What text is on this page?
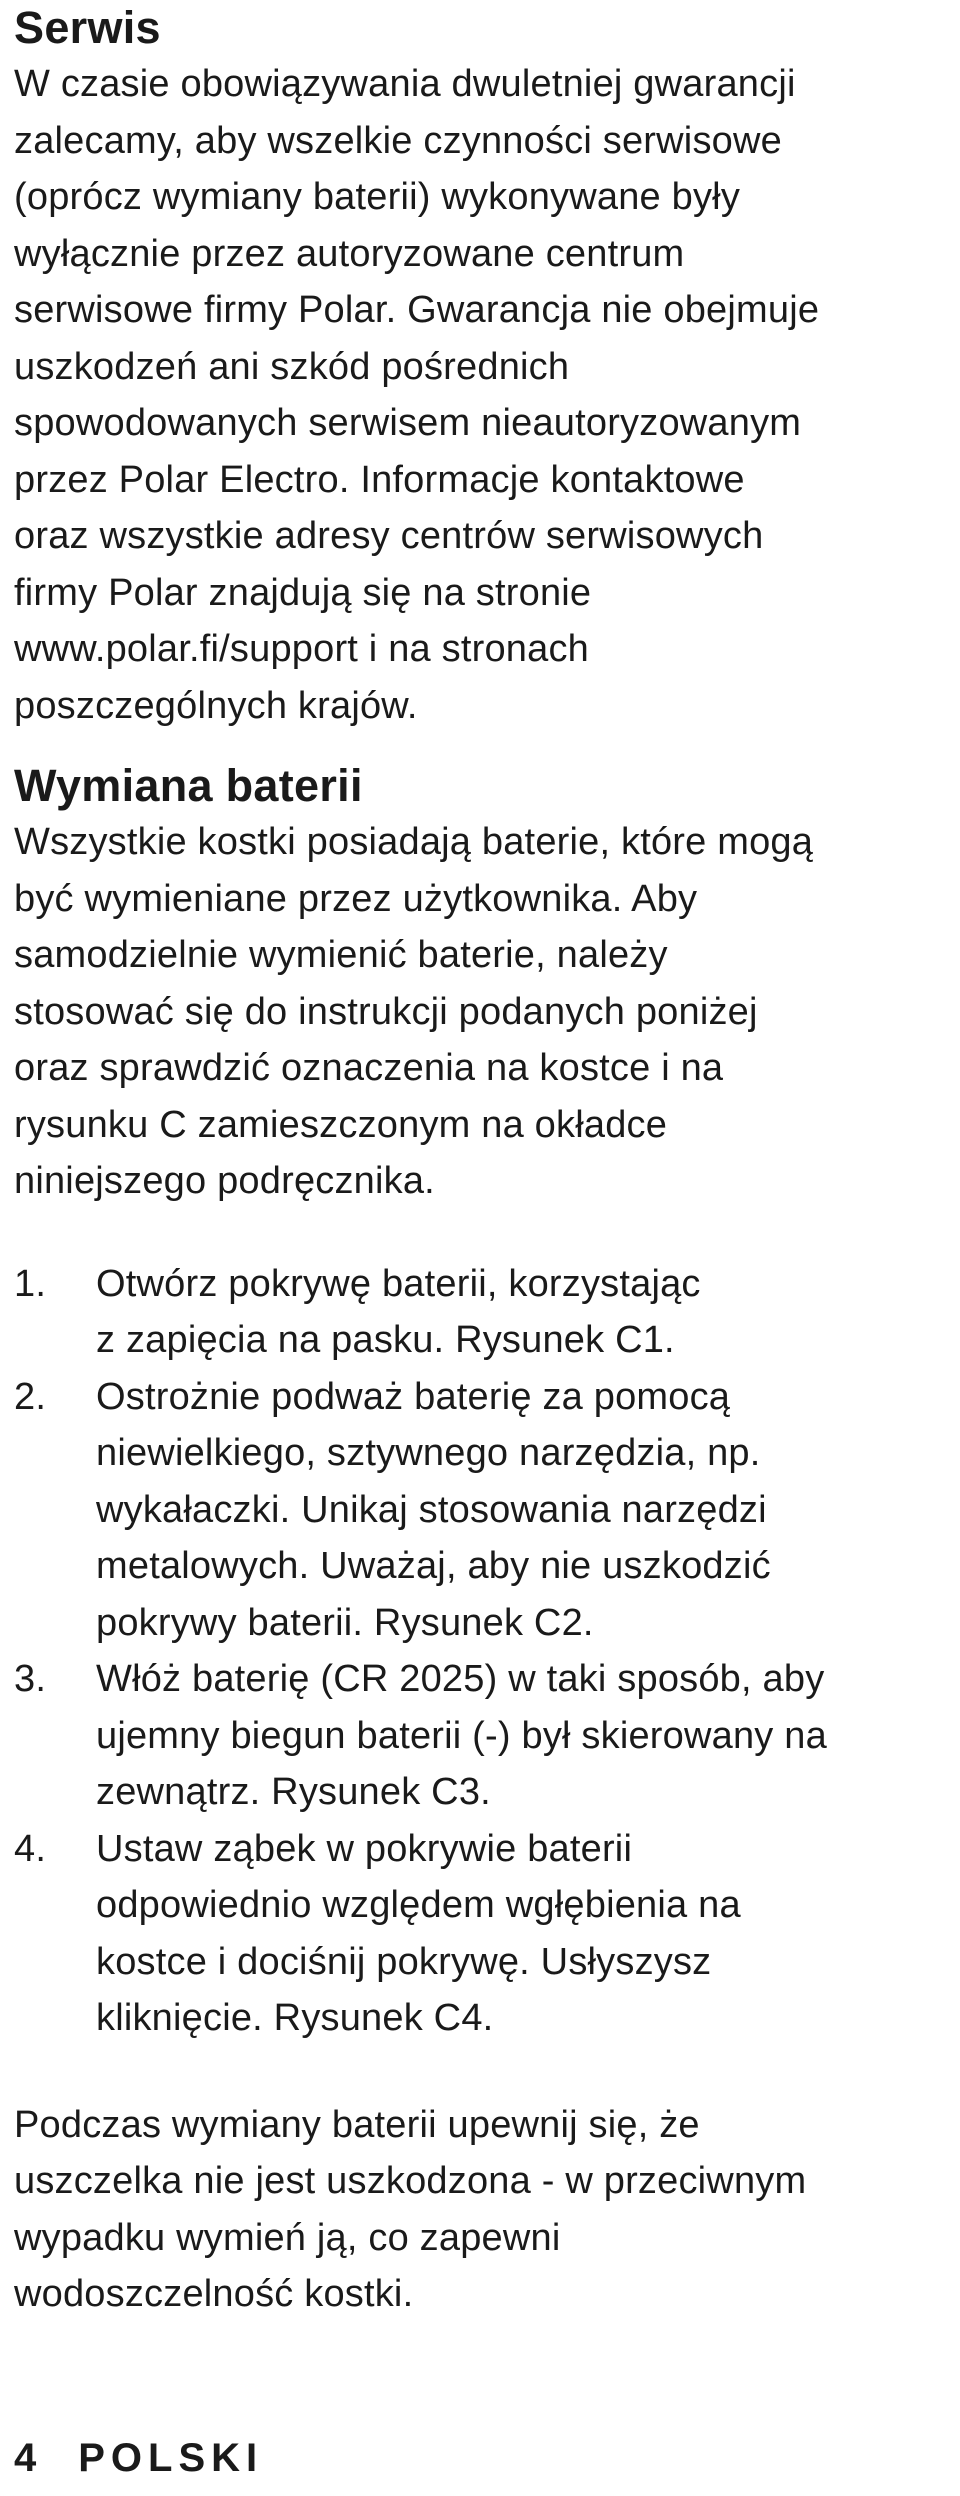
Serwis

W czasie obowiązywania dwuletniej gwarancji
zalecamy, aby wszelkie czynności serwisowe
(oprócz wymiany baterii) wykonywane były
wyłącznie przez autoryzowane centrum
serwisowe firmy Polar. Gwarancja nie obejmuje
uszkodzeń ani szkód pośrednich
spowodowanych serwisem nieautoryzowanym
przez Polar Electro. Informacje kontaktowe
oraz wszystkie adresy centrów serwisowych
firmy Polar znajdują się na stronie
www.polar.fi/support i na stronach
poszczególnych krajów.

Wymiana baterii

Wszystkie kostki posiadają baterie, które mogą
być wymieniane przez użytkownika. Aby
samodzielnie wymienić baterie, należy
stosować się do instrukcji podanych poniżej
oraz sprawdzić oznaczenia na kostce i na
rysunku C zamieszczonym na okładce
niniejszego podręcznika.

1. Otwórz pokrywę baterii, korzystając
z zapięcia na pasku. Rysunek C1.
2. Ostrożnie podważ baterię za pomocą
niewielkiego, sztywnego narzędzia, np.
wykałaczki. Unikaj stosowania narzędzi
metalowych. Uważaj, aby nie uszkodzić
pokrywy baterii. Rysunek C2.
3. Włóż baterię (CR 2025) w taki sposób, aby
ujemny biegun baterii (-) był skierowany na
zewnątrz. Rysunek C3.
4. Ustaw ząbek w pokrywie baterii
odpowiednio względem wgłębienia na
kostce i dociśnij pokrywę. Usłyszysz
kliknięcie. Rysunek C4.

Podczas wymiany baterii upewnij się, że
uszczelka nie jest uszkodzona - w przeciwnym
wypadku wymień ją, co zapewni
wodoszczelność kostki.

4 POLSKI
